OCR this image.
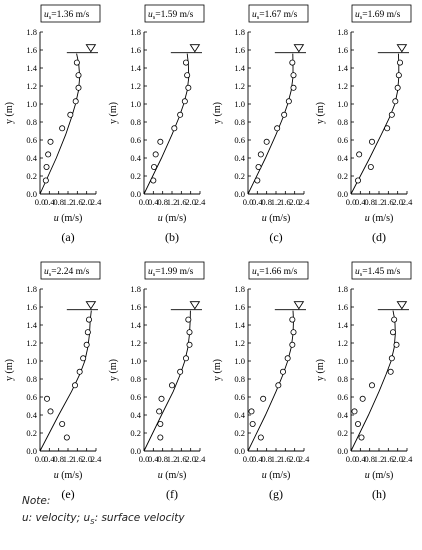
0.0
0.2
0.4
0.6
0.8
1.0
1.2
1.4
1.6
1.8
0.0
0.4
0.8
1.2
1.6
2.0
2.4
y (m)
u (m/s)
(a)
$u_s=1.36$ m/s
0.0
0.2
0.4
0.6
0.8
1.0
1.2
1.4
1.6
1.8
0.0
0.4
0.8
1.2
1.6
2.0
2.4
y (m)
u (m/s)
(b)
$u_s=1.59$ m/s
0.0
0.2
0.4
0.6
0.8
1.0
1.2
1.4
1.6
1.8
0.0
0.4
0.8
1.2
1.6
2.0
2.4
y (m)
u (m/s)
(c)
$u_s=1.67$ m/s
0.0
0.2
0.4
0.6
0.8
1.0
1.2
1.4
1.6
1.8
0.0
0.4
0.8
1.2
1.6
2.0
2.4
y (m)
u (m/s)
(d)
$u_s=1.69$ m/s
0.0
0.2
0.4
0.6
0.8
1.0
1.2
1.4
1.6
1.8
0.0
0.4
0.8
1.2
1.6
2.0
2.4
y (m)
u (m/s)
(e)
$u_s=2.24$ m/s
0.0
0.2
0.4
0.6
0.8
1.0
1.2
1.4
1.6
1.8
0.0
0.4
0.8
1.2
1.6
2.0
2.4
y (m)
u (m/s)
(f)
$u_s=1.99$ m/s
0.0
0.2
0.4
0.6
0.8
1.0
1.2
1.4
1.6
1.8
0.0
0.4
0.8
1.2
1.6
2.0
2.4
y (m)
u (m/s)
(g)
$u_s=1.66$ m/s
0.0
0.2
0.4
0.6
0.8
1.0
1.2
1.4
1.6
1.8
0.0
0.4
0.8
1.2
1.6
2.0
2.4
y (m)
u (m/s)
(h)
$u_s=1.45$ m/s
Note:
u: velocity; $u_S$: surface velocity
